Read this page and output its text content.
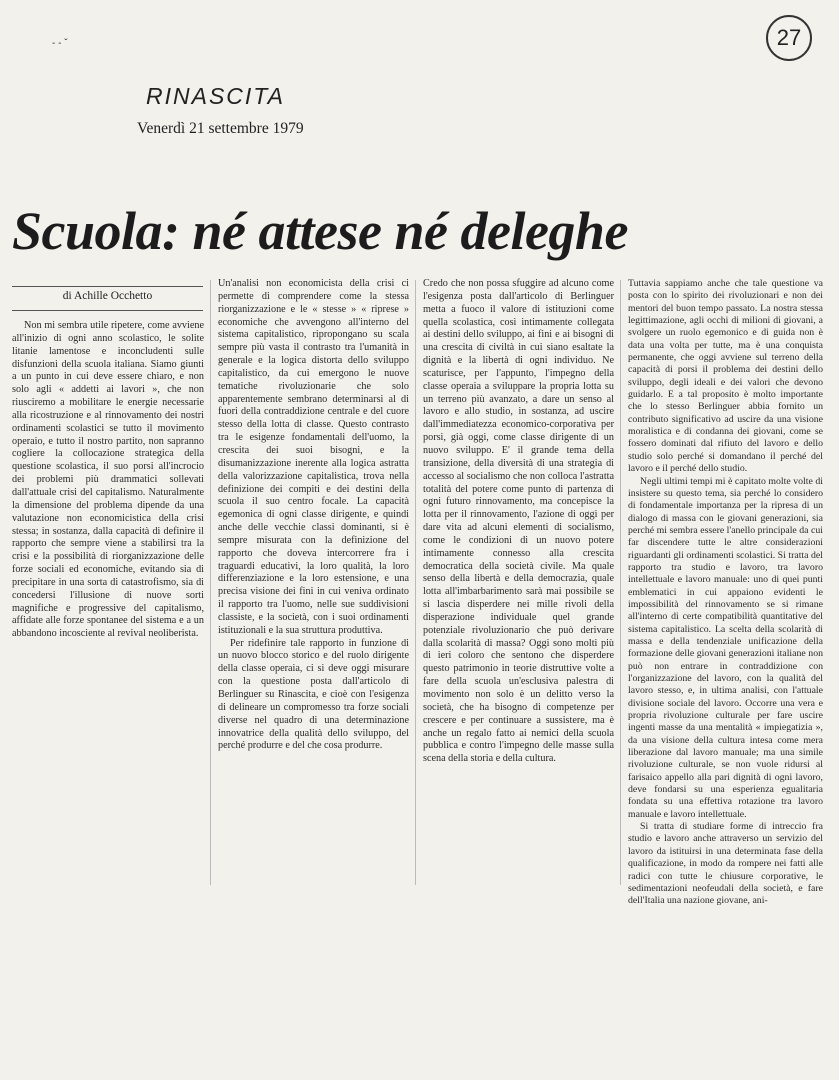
‐ ‐ ˇ	27
RINASCITA
Venerdì 21 settembre 1979
Scuola: né attese né deleghe
di Achille Occhetto

Non mi sembra utile ripetere, come avviene all'inizio di ogni anno scolastico, le solite litanie lamentose e inconcludenti sulle disfunzioni della scuola italiana. Siamo giunti a un punto in cui deve essere chiaro, e non solo agli « addetti ai lavori », che non riusciremo a mobilitare le energie necessarie alla ricostruzione e al rinnovamento dei nostri ordinamenti scolastici se tutto il movimento operaio, e tutto il nostro partito, non sapranno cogliere la collocazione strategica della questione scolastica, il suo porsi all'incrocio dei problemi più drammatici sollevati dall'attuale crisi del capitalismo. Naturalmente la dimensione del problema dipende da una valutazione non economicistica della crisi stessa; in sostanza, dalla capacità di definire il rapporto che sempre viene a stabilirsi tra la crisi e la possibilità di riorganizzazione delle forze sociali ed economiche, evitando sia di precipitare in una sorta di catastrofismo, sia di concedersi l'illusione di nuove sorti magnifiche e progressive del capitalismo, affidate alle forze spontanee del sistema e a un abbandono incosciente al revival neoliberista.

Un'analisi non economicista della crisi ci permette di comprendere come la stessa riorganizzazione e le « stesse » « riprese » economiche che avvengono all'interno del sistema capitalistico, ripropongano su scala sempre più vasta il contrasto tra l'umanità in generale e la logica distorta dello sviluppo capitalistico, da cui emergono le nuove tematiche rivoluzionarie che solo apparentemente sembrano determinarsi al di fuori della contraddizione centrale e del cuore stesso della lotta di classe. Questo contrasto tra le esigenze fondamentali dell'uomo, la crescita dei suoi bisogni, e la disumanizzazione inerente alla logica astratta della valorizzazione capitalistica, trova nella definizione dei compiti e dei destini della scuola il suo centro focale. La capacità egemonica di ogni classe dirigente, e quindi anche delle vecchie classi dominanti, si è sempre misurata con la definizione del rapporto che doveva intercorrere fra i traguardi educativi, la loro qualità, la loro differenziazione e la loro estensione, e una precisa visione dei fini in cui veniva ordinato il rapporto tra l'uomo, nelle sue suddivisioni classiste, e la società, con i suoi ordinamenti istituzionali e la sua struttura produttiva.

Per ridefinire tale rapporto in funzione di un nuovo blocco storico e del ruolo dirigente della classe operaia, ci si deve oggi misurare con la questione posta dall'articolo di Berlinguer su Rinascita, e cioè con l'esigenza di delineare un compromesso tra forze sociali diverse nel quadro di una determinazione innovatrice della qualità dello sviluppo, del perché produrre e del che cosa produrre.

Credo che non possa sfuggire ad alcuno come l'esigenza posta dall'articolo di Berlinguer metta a fuoco il valore di istituzioni come quella scolastica, così intimamente collegata ai destini dello sviluppo, ai fini e ai bisogni di una crescita di civiltà in cui siano esaltate la dignità e la libertà di ogni individuo. Ne scaturisce, per l'appunto, l'impegno della classe operaia a sviluppare la propria lotta su un terreno più avanzato, a dare un senso al lavoro e allo studio, in sostanza, ad uscire dall'immediatezza economico-corporativa per porsi, già oggi, come classe dirigente di un nuovo sviluppo. E' il grande tema della transizione, della diversità di una strategia di accesso al socialismo che non colloca l'astratta totalità del potere come punto di partenza di ogni futuro rinnovamento, ma concepisce la lotta per il rinnovamento, l'azione di oggi per dare vita ad alcuni elementi di socialismo, come le condizioni di un nuovo potere intimamente connesso alla crescita democratica della società civile. Ma quale senso della libertà e della democrazia, quale lotta all'imbarbarimento sarà mai possibile se si lascia disperdere nei mille rivoli della disperazione individuale quel grande potenziale rivoluzionario che può derivare dalla scolarità di massa? Oggi sono molti più di ieri coloro che sentono che disperdere questo patrimonio in teorie distruttive volte a fare della scuola un'esclusiva palestra di movimento non solo è un delitto verso la società, che ha bisogno di competenze per crescere e per continuare a sussistere, ma è anche un regalo fatto ai nemici della scuola pubblica e contro l'impegno delle masse sulla scena della storia e della cultura.

Tuttavia sappiamo anche che tale questione va posta con lo spirito dei rivoluzionari e non dei mentori del buon tempo passato. La nostra stessa legittimazione, agli occhi di milioni di giovani, a svolgere un ruolo egemonico e di guida non è data una volta per tutte, ma è una conquista permanente, che oggi avviene sul terreno della capacità di porsi il problema dei destini dello sviluppo, degli ideali e dei valori che devono guidarlo. E a tal proposito è molto importante che lo stesso Berlinguer abbia fornito un contributo significativo ad uscire da una visione moralistica e di condanna dei giovani, come se fossero dominati dal rifiuto del lavoro e dello studio solo perché si domandano il perché del lavoro e il perché dello studio.

Negli ultimi tempi mi è capitato molte volte di insistere su questo tema, sia perché lo considero di fondamentale importanza per la ripresa di un dialogo di massa con le giovani generazioni, sia perché mi sembra essere l'anello principale da cui far discendere tutte le altre considerazioni riguardanti gli ordinamenti scolastici. Si tratta del rapporto tra studio e lavoro, tra lavoro intellettuale e lavoro manuale: uno di quei punti emblematici in cui appaiono evidenti le impossibilità del rinnovamento se si rimane all'interno di certe compatibilità quantitative del sistema capitalistico. La scelta della scolarità di massa e della tendenziale unificazione della formazione delle giovani generazioni italiane non può non entrare in contraddizione con l'organizzazione del lavoro, con la qualità del lavoro stesso, e, in ultima analisi, con l'attuale divisione sociale del lavoro. Occorre una vera e propria rivoluzione culturale per fare uscire ingenti masse da una mentalità « impiegatizia », da una visione della cultura intesa come mera liberazione dal lavoro manuale; ma una simile rivoluzione culturale, se non vuole ridursi al farisaico appello alla pari dignità di ogni lavoro, deve fondarsi su una esperienza egualitaria fondata su una effettiva rotazione tra lavoro manuale e lavoro intellettuale.

Si tratta di studiare forme di intreccio fra studio e lavoro anche attraverso un servizio del lavoro da istituirsi in una determinata fase della qualificazione, in modo da rompere nei fatti alle radici con tutte le chiusure corporative, le sedimentazioni neofeudali della società, e fare dell'Italia una nazione giovane, ani-
